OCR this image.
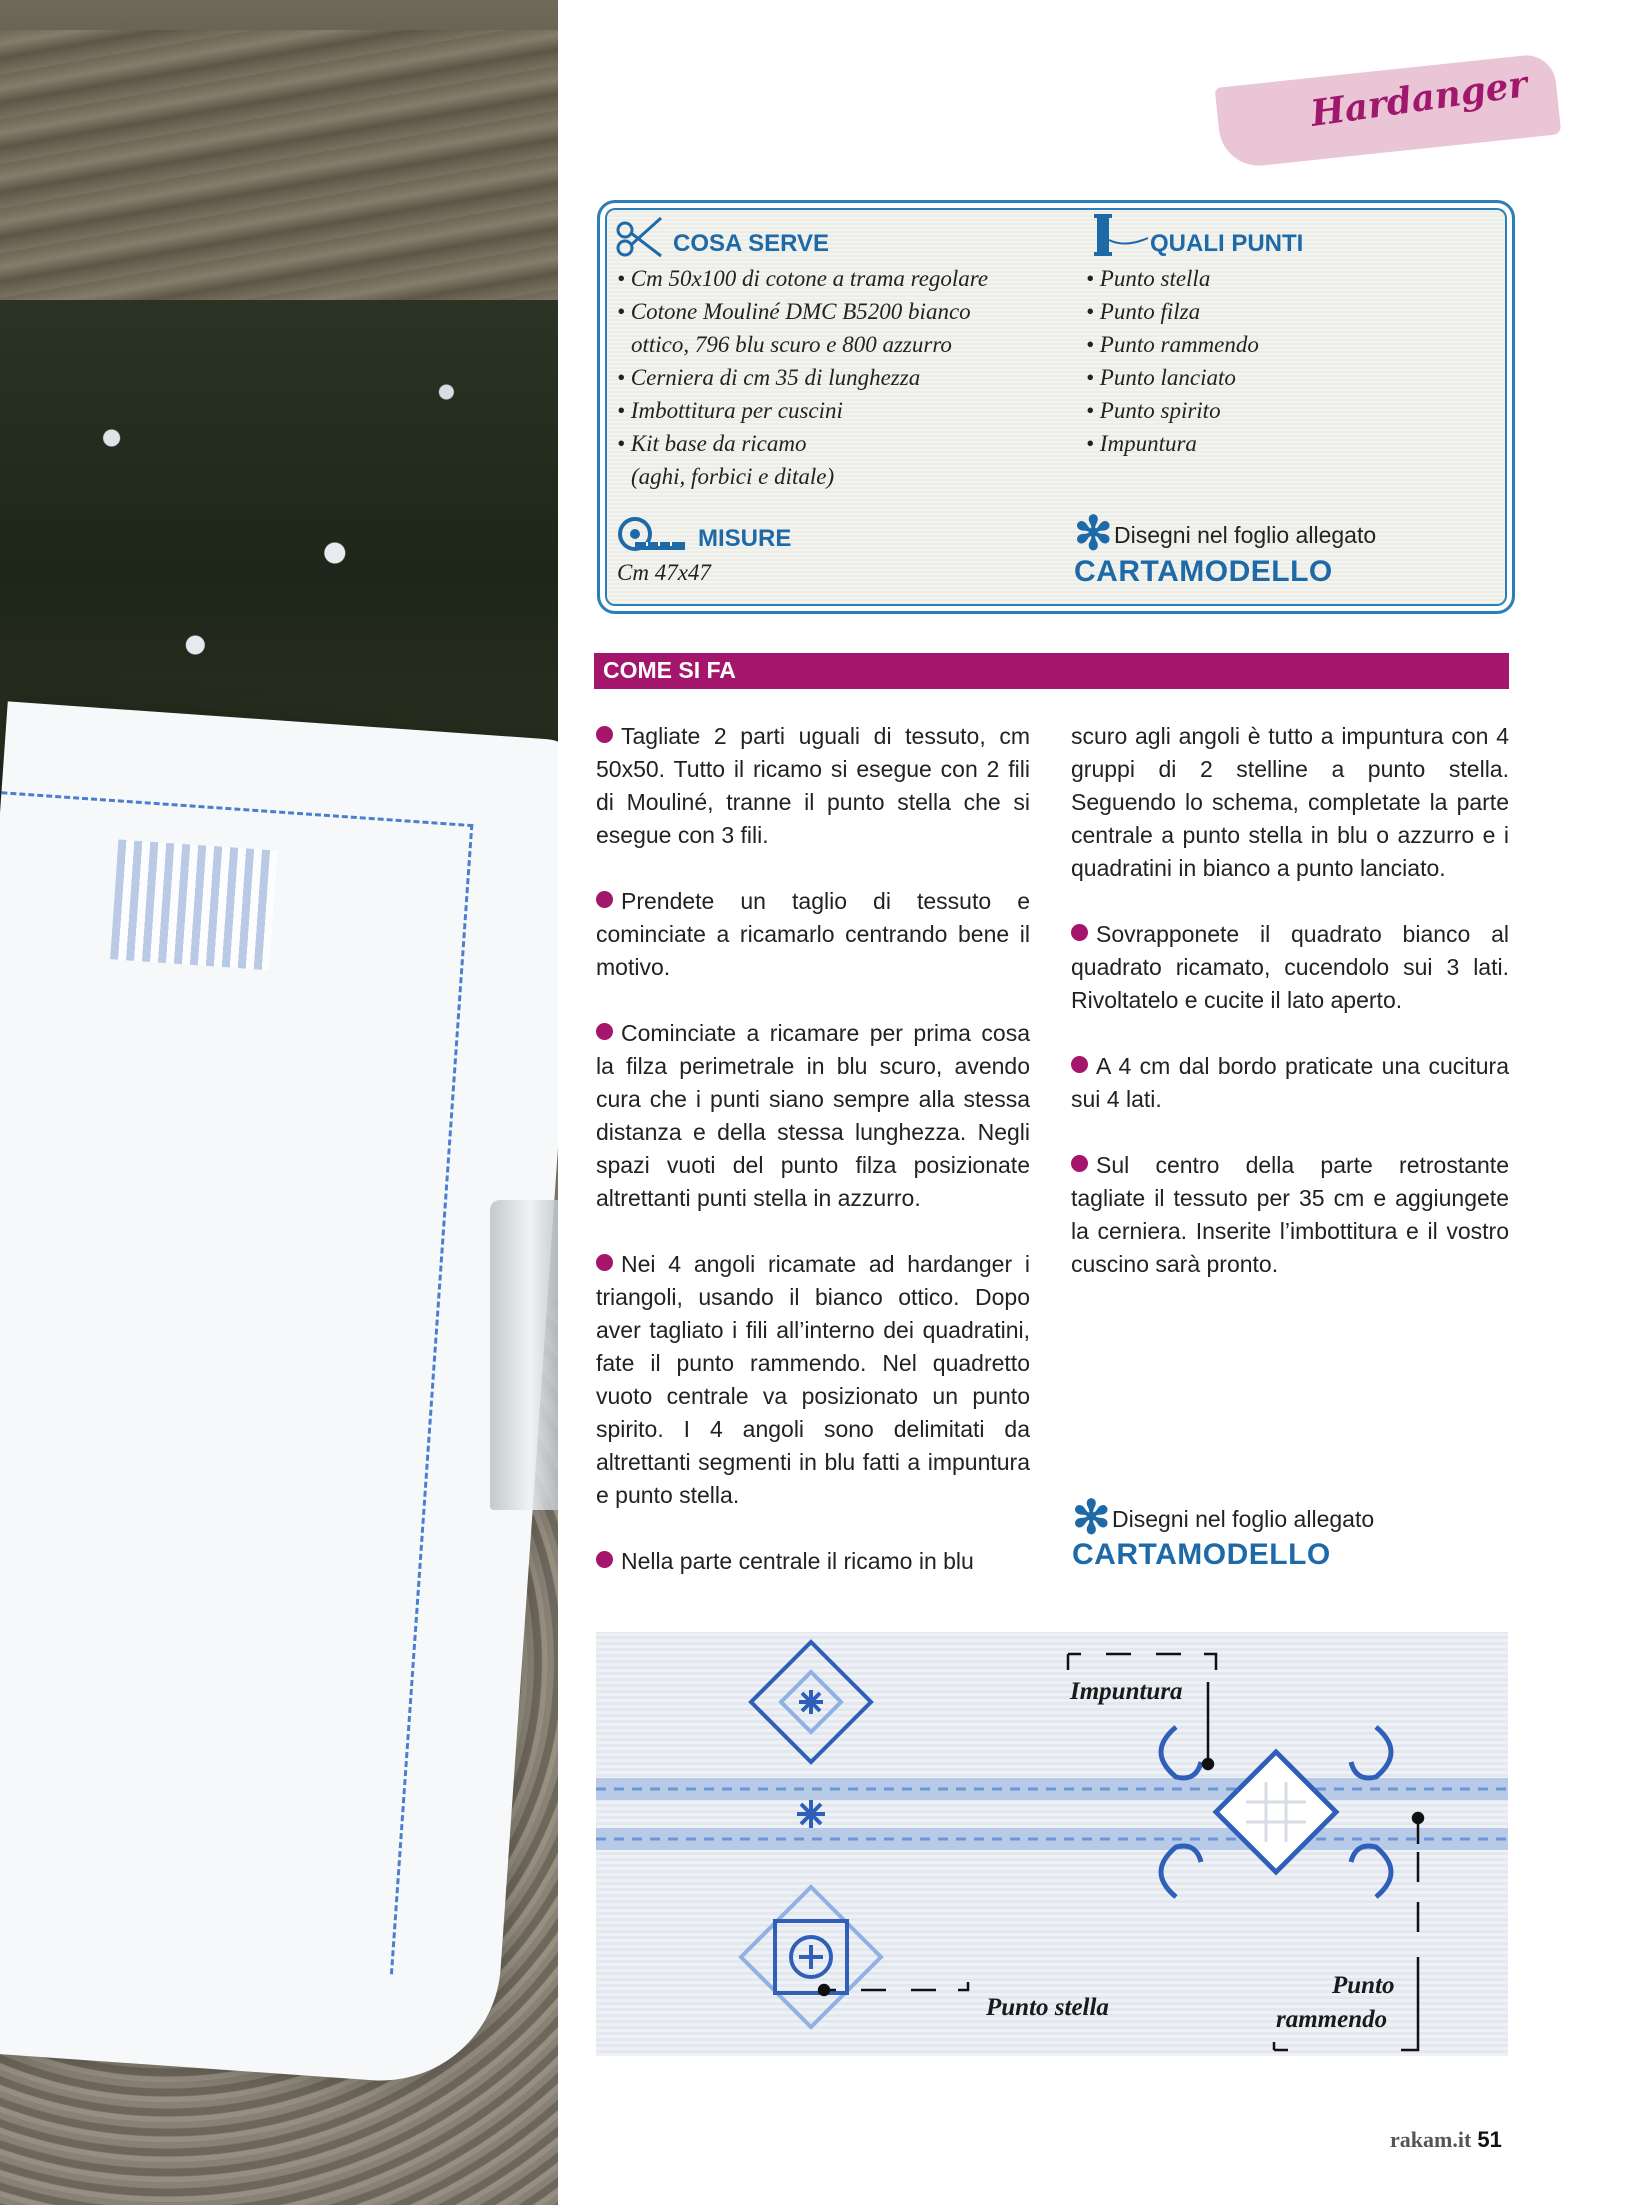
Hardanger
COSA SERVE
• Cm 50x100 di cotone a trama regolare
• Cotone Mouliné DMC B5200 bianco
ottico, 796 blu scuro e 800 azzurro
• Cerniera di cm 35 di lunghezza
• Imbottitura per cuscini
• Kit base da ricamo
(aghi, forbici e ditale)
QUALI PUNTI
• Punto stella
• Punto filza
• Punto rammendo
• Punto lanciato
• Punto spirito
• Impuntura
MISURE
Cm 47x47
✻ Disegni nel foglio allegato
CARTAMODELLO
COME SI FA

Tagliate 2 parti uguali di tessuto, cm 50x50. Tutto il ricamo si esegue con 2 fili di Mouliné, tranne il punto stella che si esegue con 3 fili.

Prendete un taglio di tessuto e cominciate a ricamarlo centrando bene il motivo.

Cominciate a ricamare per prima cosa la filza perimetrale in blu scuro, avendo cura che i punti siano sempre alla stessa distanza e della stessa lunghezza. Negli spazi vuoti del punto filza posizionate altrettanti punti stella in azzurro.

Nei 4 angoli ricamate ad hardanger i triangoli, usando il bianco ottico. Dopo aver tagliato i fili all’interno dei quadratini, fate il punto rammendo. Nel quadretto vuoto centrale va posizionato un punto spirito. I 4 angoli sono delimitati da altrettanti segmenti in blu fatti a impuntura e punto stella.

Nella parte centrale il ricamo in blu

scuro agli angoli è tutto a impuntura con 4 gruppi di 2 stelline a punto stella. Seguendo lo schema, completate la parte centrale a punto stella in blu o azzurro e i quadratini in bianco a punto lanciato.

Sovrapponete il quadrato bianco al quadrato ricamato, cucendolo sui 3 lati. Rivoltatelo e cucite il lato aperto.

A 4 cm dal bordo praticate una cucitura sui 4 lati.

Sul centro della parte retrostante tagliate il tessuto per 35 cm e aggiungete la cerniera. Inserite l’imbottitura e il vostro cuscino sarà pronto.

✻ Disegni nel foglio allegato
CARTAMODELLO
Impuntura
Punto stella
Punto
rammendo
rakam.it 51
